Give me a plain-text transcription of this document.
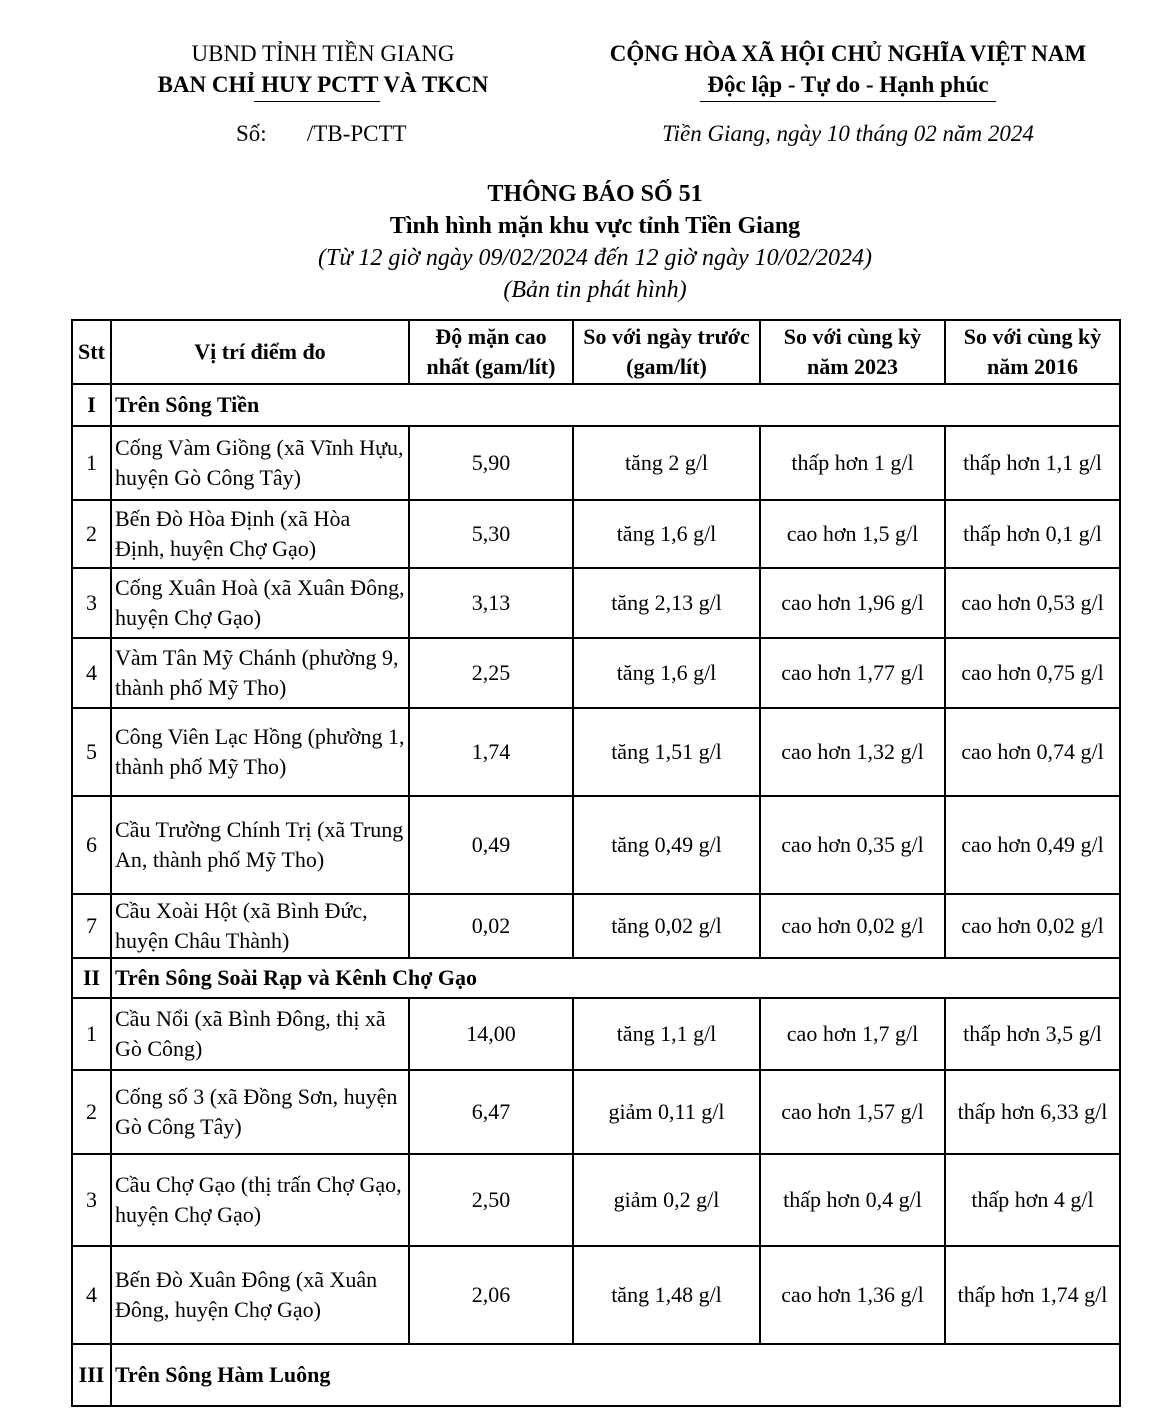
UBND TỈNH TIỀN GIANG
BAN CHỈ HUY PCTT VÀ TKCN
CỘNG HÒA XÃ HỘI CHỦ NGHĨA VIỆT NAM
Độc lập - Tự do - Hạnh phúc
Số:       /TB-PCTT	Tiền Giang, ngày 10 tháng 02 năm 2024
THÔNG BÁO SỐ 51
Tình hình mặn khu vực tỉnh Tiền Giang
(Từ 12 giờ ngày 09/02/2024 đến 12 giờ ngày 10/02/2024)
(Bản tin phát hình)
Stt	Vị trí điểm đo	Độ mặn cao nhất (gam/lít)	So với ngày trước (gam/lít)	So với cùng kỳ năm 2023	So với cùng kỳ năm 2016
I	Trên Sông Tiền				
1	Cống Vàm Giồng (xã Vĩnh Hựu, huyện Gò Công Tây)	5,90	tăng 2 g/l	thấp hơn 1 g/l	thấp hơn 1,1 g/l
2	Bến Đò Hòa Định (xã Hòa Định, huyện Chợ Gạo)	5,30	tăng 1,6 g/l	cao hơn 1,5 g/l	thấp hơn 0,1 g/l
3	Cống Xuân Hoà (xã Xuân Đông, huyện Chợ Gạo)	3,13	tăng 2,13 g/l	cao hơn 1,96 g/l	cao hơn 0,53 g/l
4	Vàm Tân Mỹ Chánh (phường 9, thành phố Mỹ Tho)	2,25	tăng 1,6 g/l	cao hơn 1,77 g/l	cao hơn 0,75 g/l
5	Công Viên Lạc Hồng (phường 1, thành phố Mỹ Tho)	1,74	tăng 1,51 g/l	cao hơn 1,32 g/l	cao hơn 0,74 g/l
6	Cầu Trường Chính Trị (xã Trung An, thành phố Mỹ Tho)	0,49	tăng 0,49 g/l	cao hơn 0,35 g/l	cao hơn 0,49 g/l
7	Cầu Xoài Hột (xã Bình Đức, huyện Châu Thành)	0,02	tăng 0,02 g/l	cao hơn 0,02 g/l	cao hơn 0,02 g/l
II	Trên Sông Soài Rạp và Kênh Chợ Gạo				
1	Cầu Nổi (xã Bình Đông, thị xã Gò Công)	14,00	tăng 1,1 g/l	cao hơn 1,7 g/l	thấp hơn 3,5 g/l
2	Cống số 3 (xã Đồng Sơn, huyện Gò Công Tây)	6,47	giảm 0,11 g/l	cao hơn 1,57 g/l	thấp hơn 6,33 g/l
3	Cầu Chợ Gạo (thị trấn Chợ Gạo, huyện Chợ Gạo)	2,50	giảm 0,2 g/l	thấp hơn 0,4 g/l	thấp hơn 4 g/l
4	Bến Đò Xuân Đông (xã Xuân Đông, huyện Chợ Gạo)	2,06	tăng 1,48 g/l	cao hơn 1,36 g/l	thấp hơn 1,74 g/l
III	Trên Sông Hàm Luông				
